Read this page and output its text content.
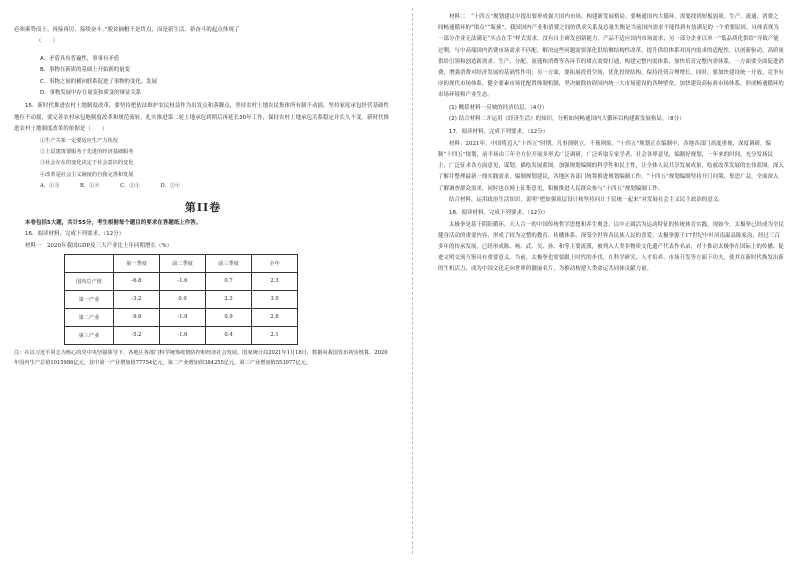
必须乘势而上、再接再厉、接续奋斗。”脱贫摘帽不是终点，而是新生活、新奋斗的起点体现了

（　　）

A．矛盾具有普遍性，事事有矛盾

B．事物在新质的基础上开始新的量变

C．事物之间的横向联系促进了事物的变化、发展

D．事物发展中存在量变和质变的辩证关系

15．新时代推进农村土地制度改革，要坚持把依法维护农民权益作为出发点和落脚点，坚持农村土地农民集体所有制不动摇，坚持家庭承包经营基础性地位不动摇，要完善农村承包地制度改革和规范流转，扎实推进第二轮土地承包到期后再延长30年工作，保持农村土地承包关系稳定并长久不变。新时代推进农村土地制度改革的依据是（　　）

①生产关系一定要适应生产力状况

②上层建筑要服务于先进的经济基础服务

③社会存在的变化决定于社会意识的变化

④改革是社会主义制度的自我完善和发展

A．①③　　　　B．①④　　　　C．②③　　　　D．②④

第II卷

本卷包括5大题，共计55分，考生根据每个题目的要求在答题纸上作答。

16．阅读材料，完成下列要求。（12分）

材料一　2020年我国GDP及三大产业比上年同期增长（%）

	第一季度	前二季度	前三季度	全年
国内总产值	-6.8	-1.6	0.7	2.3
第一产业	-3.2	0.9	2.3	3.0
第二产业	-9.6	-1.9	0.9	2.6
第三产业	-5.2	-1.6	0.4	2.1

注：在以习近平同志为核心的党中央坚强领导下，各地区各部门科学统筹疫情防控和经济社会发展。国家统计局2021年1月18日，数据向我国发布初步核算，2020年国内生产总值1015986亿元，其中第一产业增加值77754亿元，第二产业增加值384255亿元，第三产业增加值553977亿元。

材料二　“十四五”规划建议中提出要形成强大国内市场，构建新发展格局。要畅通国内大循环，需要找到短板弱项。生产、流通、消费之间畅通循环的“堵点”“瓶颈”，我国国内产业和消费之间的供求关系及总量失衡是当前国内需求不能得到有效满足的一个重要原因。具体表现为一部分企业无法满足“买点在手”样式需求，没有自主研发创新能力，产品不适应国内市场需求；另一部分企业以单一“低品质化供给”导致产能过剩，与中高端国内消费市场需求不匹配。解决这些问题需要深化供给侧结构性改革，提升供给体系对国内需求的适配性，以创新驱动、高质量供给引领和创造新需求。生产、分配、流通和消费等各环节的堵点需要打通，构建完整内需体系，加快培育完整内需体系，一方面要全面促进消费，增强消费对经济发展的基础性作用；另一方面，要拓展投资空间，优化投资结构，保持投资合理增长。同时，要加快建设统一开放、竞争有序的现代市场体系，健全要素市场化配置体制机制，坚决破除妨碍国内统一大市场建设的各种壁垒，加快建设高标准市场体系，形成畅通循环的市场环境和产业生态。

(1) 概括材料一反映的经济信息。（4分）

(2) 结合材料二并运用《经济生活》的知识，分析如何畅通国内大循环以构建新发展格局。（8分）

17．阅读材料，完成下列要求。（12分）

材料：2021年，中国将迈入“十四五”时期。凡事预则立，不预则废。“十四五”规划正在编制中，各地各部门高度重视，深度调研。编制“十四五”规划，前半场由三年全方位开展多形式广泛调研，广泛听取专家学者、社会各界意见，编制好规划，一年来的时间，充分发扬民主，广泛征求各方面意见，谋划、描绘发展蓝图，加强规划编制的科学性和民主性，让全体人民共享发展成果，绘就改革发展的宏伟蓝图。深入了解并整理最新一线实践需求，编制规划建议，各地区各部门统筹推进规划编制工作。“十四五”规划编制坚持开门问策、集思广益，全面深入了解调查群众需求，同时也在网上征集意见，积极推进人民群众参与“十四五”规划编制工作。

结合材料，运用政治生活知识，说明“把加强顶层设计和坚持问计于民统一起来”对发展社会主义民主政治的意义。

18．阅读材料，完成下列要求。（12分）

太极拳是基于阴阳循环、天人合一的中国传统哲学思想和养生观念，以中正圆活为运动特征的传统体育实践。现如今，太极拳已经成为全民健身活动的重要内容，形成了较为完整的教育、传播体系，深受全世界各民族人民的喜爱。太极拳源于17世纪中叶河南温县陈家沟，经过三百多年的传承发展，已经形成陈、杨、武、吴、孙、和等主要流派，被列入人类非物质文化遗产代表作名录，对于推动太极拳在国际上的传播、促进文明交流互鉴具有重要意义。当前，太极拳也需要跟上时代的步伐，在科学研究、人才培养、市场开发等方面下功夫，使其在新时代焕发出新的生机活力，成为中国文化走向世界的靓丽名片，为推动构建人类命运共同体贡献力量。
